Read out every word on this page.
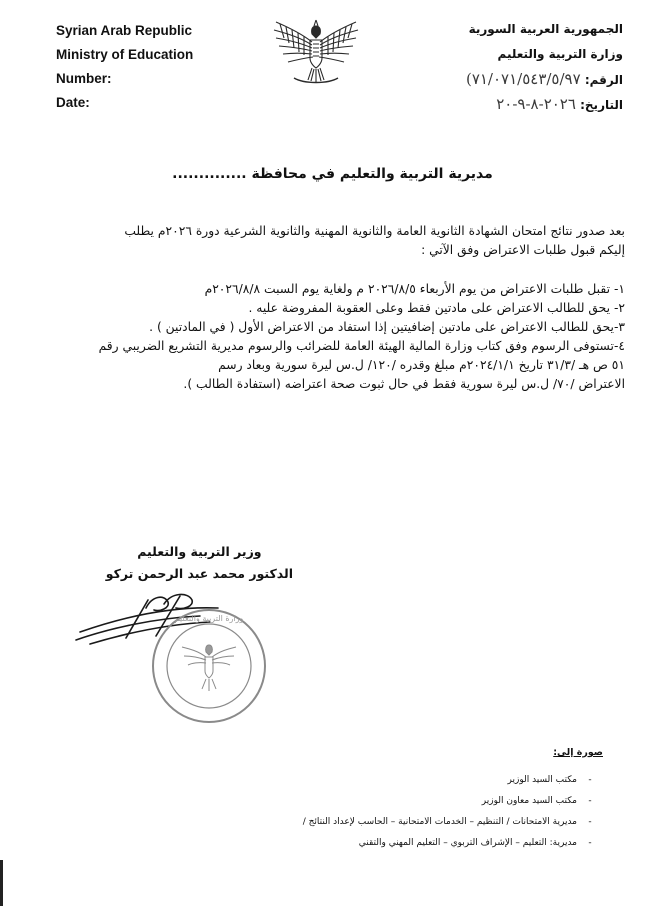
Syrian Arab Republic
Ministry of Education
Number:
Date:
الجمهورية العربية السورية
وزارة التربية والتعليم
الرقم: ٧١/٠٧١/٥٤٣/٥/٩٧)
التاريخ: ٢٠٢٦-٨-٩-٢٠
مديرية التربية والتعليم في محافظة ..............

بعد صدور نتائج امتحان الشهادة الثانوية العامة والثانوية المهنية والثانوية الشرعية دورة ٢٠٢٦م يطلب

إليكم قبول طلبات الاعتراض وفق الآتي :

١- تقبل طلبات الاعتراض من يوم الأربعاء ٢٠٢٦/٨/٥ م ولغاية يوم السبت ٢٠٢٦/٨/٨م
٢- يحق للطالب الاعتراض على مادتين فقط وعلى العقوبة المفروضة عليه .
٣-يحق للطالب الاعتراض على مادتين إضافيتين إذا استفاد من الاعتراض الأول ( في المادتين ) .
٤-تستوفى الرسوم وفق كتاب وزارة المالية الهيئة العامة للضرائب والرسوم مديرية التشريع الضريبي رقم
٥١ ص هـ /٣١/٣ تاريخ ٢٠٢٤/١/١م مبلغ وقدره /١٢٠/ ل.س ليرة سورية وبعاد رسم
الاعتراض /٧٠/ ل.س ليرة سورية فقط في حال ثبوت صحة اعتراضه (استفادة الطالب ).
وزير التربية والتعليم
الدكتور محمد عبد الرحمن تركو
وزارة التربية والتعليم
صورة إلى:
-مكتب السيد الوزير
-مكتب السيد معاون الوزير
-مديرية الامتحانات / التنظيم – الخدمات الامتحانية – الحاسب لإعداد النتائج /
-مديرية: التعليم – الإشراف التربوي – التعليم المهني والتقني
